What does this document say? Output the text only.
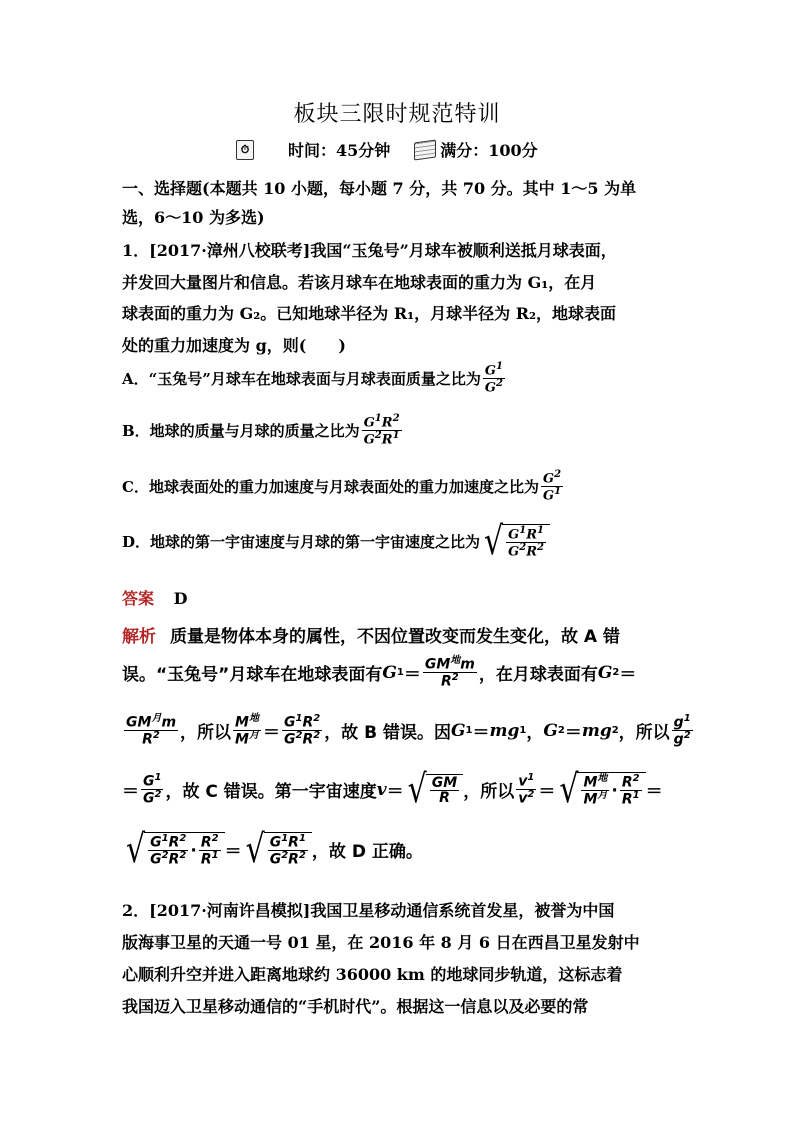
板块三限时规范特训
⏱ 时间：45分钟	满分：100分
一、选择题(本题共 10 小题，每小题 7 分，共 70 分。其中 1～5 为单
选，6～10 为多选)
1．[2017·漳州八校联考]我国“玉兔号”月球车被顺利送抵月球表面，
并发回大量图片和信息。若该月球车在地球表面的重力为 G₁，在月
球表面的重力为 G₂。已知地球半径为 R₁，月球半径为 R₂，地球表面
处的重力加速度为 g，则(　　)
A．“玉兔号”月球车在地球表面与月球表面质量之比为 $\frac{G^1}{G^2}$
B．地球的质量与月球的质量之比为 $\frac{G^1R^2}{G^2R^1}$
C．地球表面处的重力加速度与月球表面处的重力加速度之比为 $\frac{G^2}{G^1}$
D．地球的第一宇宙速度与月球的第一宇宙速度之比为 √ $\frac{G^1R^1}{G^2R^2}$
答案 D
解析 质量是物体本身的属性，不因位置改变而发生变化，故 A 错
误。“玉兔号”月球车在地球表面有 G $1 = \frac{GM^地m}{R^2}$ ，在月球表面有 G 2 ＝
$\frac{GM^月m}{R^2}$ ，所以 $\frac{M^地}{M^月} = \frac{G^1R^2}{G^2R^2}$ ，故 B 错误。因 G 1 ＝ mg 1 ， G 2 ＝ mg 2 ，所以 $\frac{g^1}{g^2}$
＝ $\frac{G^1}{G^2}$ ，故 C 错误。第一宇宙速度 v ＝ √ $\frac{GM}{R}$ ，所以 $\frac{v^1}{v^2}$ ＝ √ $\frac{M^地}{M^月} \cdot \frac{R^2}{R^1}$ ＝
√ $\frac{G^1R^2}{G^2R^2} \cdot \frac{R^2}{R^1}$ ＝ √ $\frac{G^1R^1}{G^2R^2}$ ，故 D 正确。
2．[2017·河南许昌模拟]我国卫星移动通信系统首发星，被誉为中国
版海事卫星的天通一号 01 星，在 2016 年 8 月 6 日在西昌卫星发射中
心顺利升空并进入距离地球约 36000 km 的地球同步轨道，这标志着
我国迈入卫星移动通信的“手机时代”。根据这一信息以及必要的常
